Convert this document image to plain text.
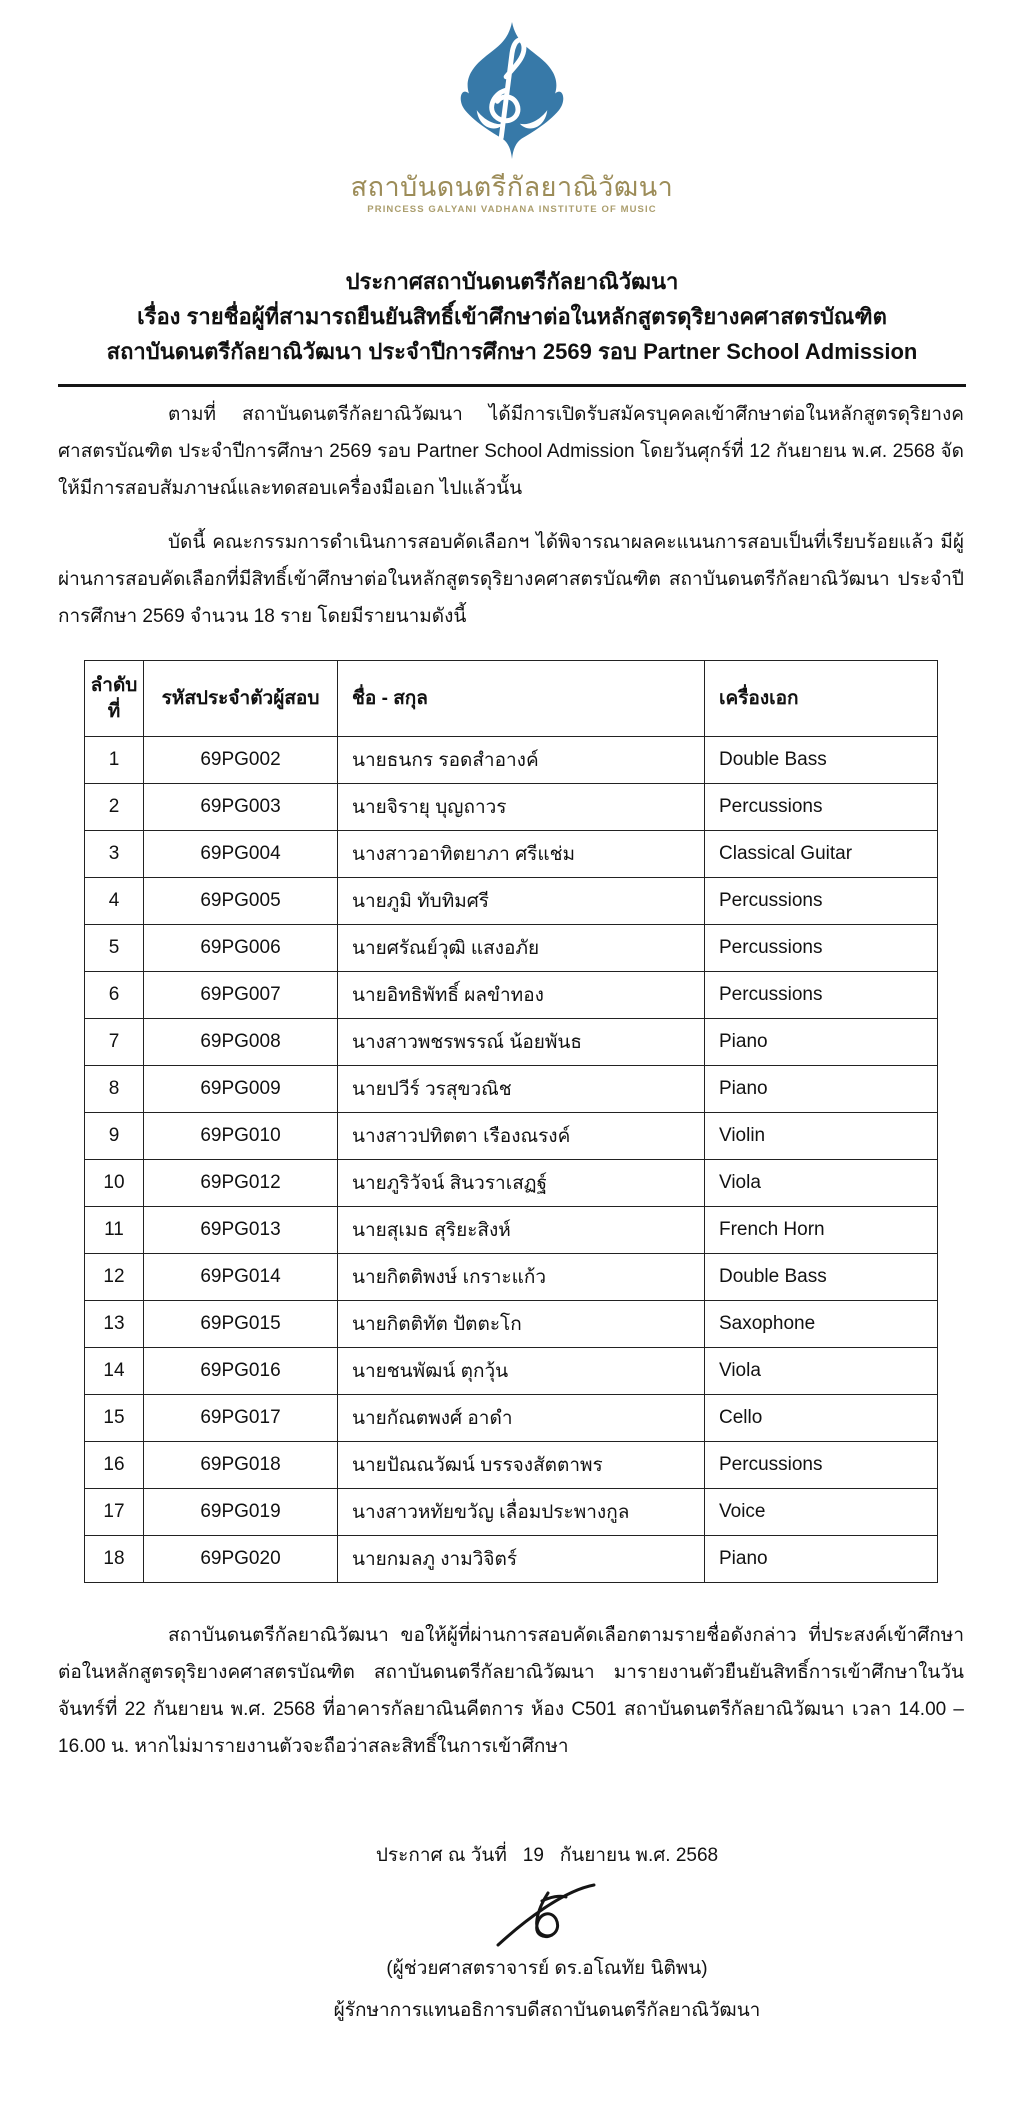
สถาบันดนตรีกัลยาณิวัฒนา
PRINCESS GALYANI VADHANA INSTITUTE OF MUSIC
ประกาศสถาบันดนตรีกัลยาณิวัฒนา
เรื่อง รายชื่อผู้ที่สามารถยืนยันสิทธิ์เข้าศึกษาต่อในหลักสูตรดุริยางคศาสตรบัณฑิต
สถาบันดนตรีกัลยาณิวัฒนา ประจำปีการศึกษา 2569 รอบ Partner School Admission

ตามที่ สถาบันดนตรีกัลยาณิวัฒนา ได้มีการเปิดรับสมัครบุคคลเข้าศึกษาต่อในหลักสูตรดุริยางคศาสตรบัณฑิต ประจำปีการศึกษา 2569 รอบ Partner School Admission โดยวันศุกร์ที่ 12 กันยายน พ.ศ. 2568 จัดให้มีการสอบสัมภาษณ์และทดสอบเครื่องมือเอก ไปแล้วนั้น

บัดนี้ คณะกรรมการดำเนินการสอบคัดเลือกฯ ได้พิจารณาผลคะแนนการสอบเป็นที่เรียบร้อยแล้ว มีผู้ผ่านการสอบคัดเลือกที่มีสิทธิ์เข้าศึกษาต่อในหลักสูตรดุริยางคศาสตรบัณฑิต สถาบันดนตรีกัลยาณิวัฒนา ประจำปีการศึกษา 2569 จำนวน 18 ราย โดยมีรายนามดังนี้

ลำดับที่	รหัสประจำตัวผู้สอบ	ชื่อ - สกุล	เครื่องเอก
1	69PG002	นายธนกร รอดสำอางค์	Double Bass
2	69PG003	นายจิรายุ บุญถาวร	Percussions
3	69PG004	นางสาวอาทิตยาภา ศรีแช่ม	Classical Guitar
4	69PG005	นายภูมิ ทับทิมศรี	Percussions
5	69PG006	นายศรัณย์วุฒิ แสงอภัย	Percussions
6	69PG007	นายอิทธิพัทธิ์ ผลขำทอง	Percussions
7	69PG008	นางสาวพชรพรรณ์ น้อยพันธ	Piano
8	69PG009	นายปวีร์ วรสุขวณิช	Piano
9	69PG010	นางสาวปทิตตา เรืองณรงค์	Violin
10	69PG012	นายภูริวัจน์ สินวราเสฏฐ์	Viola
11	69PG013	นายสุเมธ สุริยะสิงห์	French Horn
12	69PG014	นายกิตติพงษ์ เกราะแก้ว	Double Bass
13	69PG015	นายกิตติทัต ปัตตะโก	Saxophone
14	69PG016	นายชนพัฒน์ ตุกวุ้น	Viola
15	69PG017	นายกัณตพงศ์ อาดำ	Cello
16	69PG018	นายปัณณวัฒน์ บรรจงสัตตาพร	Percussions
17	69PG019	นางสาวหทัยขวัญ เลื่อมประพางกูล	Voice
18	69PG020	นายกมลภู งามวิจิตร์	Piano

สถาบันดนตรีกัลยาณิวัฒนา ขอให้ผู้ที่ผ่านการสอบคัดเลือกตามรายชื่อดังกล่าว ที่ประสงค์เข้าศึกษาต่อในหลักสูตรดุริยางคศาสตรบัณฑิต สถาบันดนตรีกัลยาณิวัฒนา มารายงานตัวยืนยันสิทธิ์การเข้าศึกษาในวันจันทร์ที่ 22 กันยายน พ.ศ. 2568 ที่อาคารกัลยาณินคีตการ ห้อง C501 สถาบันดนตรีกัลยาณิวัฒนา เวลา 14.00 – 16.00 น. หากไม่มารายงานตัวจะถือว่าสละสิทธิ์ในการเข้าศึกษา

ประกาศ ณ วันที่   19   กันยายน พ.ศ. 2568
(ผู้ช่วยศาสตราจารย์ ดร.อโณทัย นิติพน)
ผู้รักษาการแทนอธิการบดีสถาบันดนตรีกัลยาณิวัฒนา
